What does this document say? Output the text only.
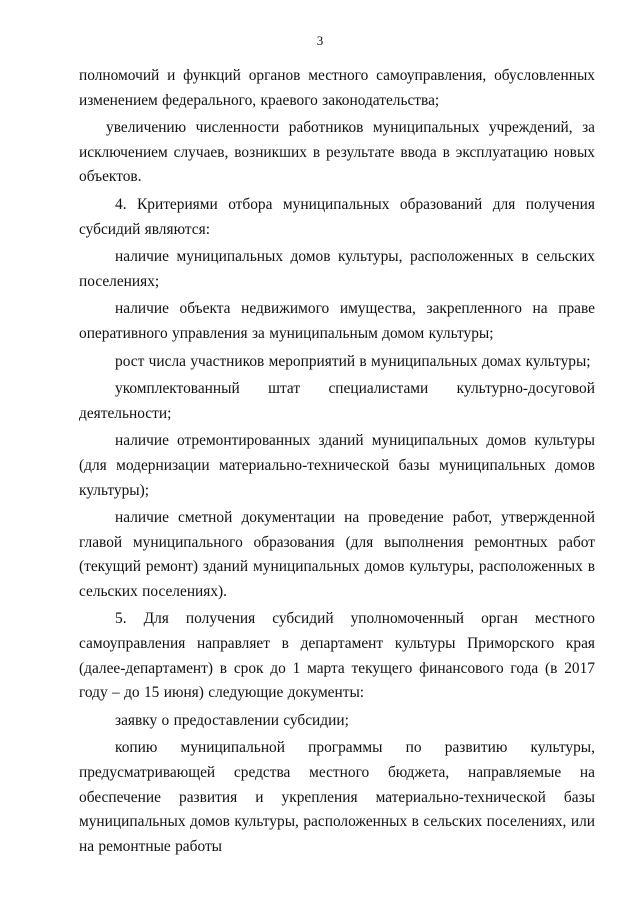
3

полномочий и функций органов местного самоуправления, обусловленных изменением федерального, краевого законодательства;

увеличению численности работников муниципальных учреждений, за исключением случаев, возникших в результате ввода в эксплуатацию новых объектов.

4. Критериями отбора муниципальных образований для получения субсидий являются:

наличие муниципальных домов культуры, расположенных в сельских поселениях;

наличие объекта недвижимого имущества, закрепленного на праве оперативного управления за муниципальным домом культуры;

рост числа участников мероприятий в муниципальных домах культуры;

укомплектованный штат специалистами культурно-досуговой деятельности;

наличие отремонтированных зданий муниципальных домов культуры (для модернизации материально-технической базы муниципальных домов культуры);

наличие сметной документации на проведение работ, утвержденной главой муниципального образования (для выполнения ремонтных работ (текущий ремонт) зданий муниципальных домов культуры, расположенных в сельских поселениях).

5. Для получения субсидий уполномоченный орган местного самоуправления направляет в департамент культуры Приморского края (далее-департамент) в срок до 1 марта текущего финансового года (в 2017 году – до 15 июня) следующие документы:

заявку о предоставлении субсидии;

копию муниципальной программы по развитию культуры, предусматривающей средства местного бюджета, направляемые на обеспечение развития и укрепления материально-технической базы муниципальных домов культуры, расположенных в сельских поселениях, или на ремонтные работы
